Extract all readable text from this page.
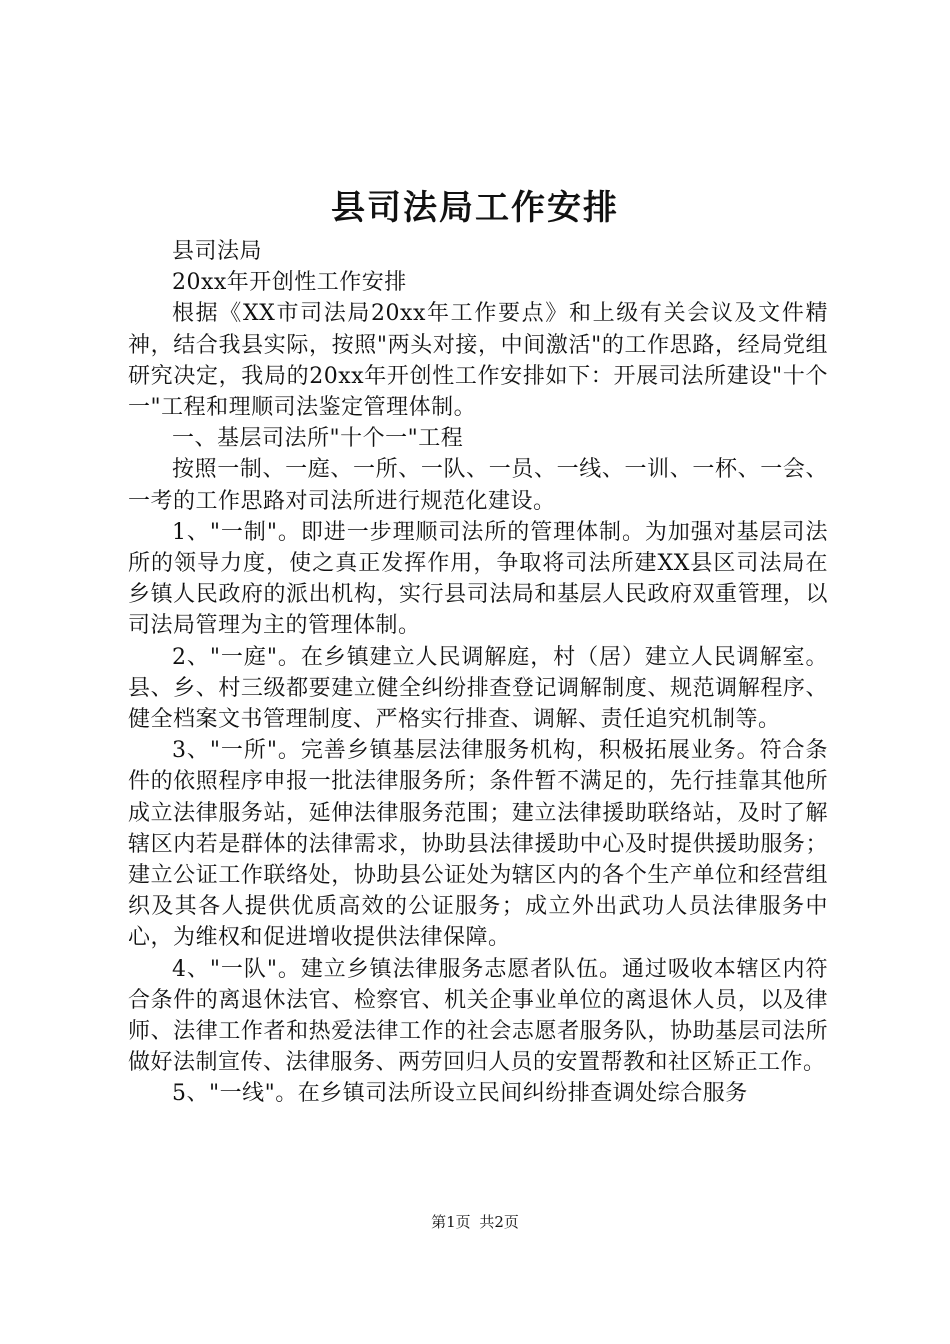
县司法局工作安排

县司法局

20xx年开创性工作安排

根据《XX市司法局20xx年工作要点》和上级有关会议及文件精神，结合我县实际，按照"两头对接，中间激活"的工作思路，经局党组研究决定，我局的20xx年开创性工作安排如下：开展司法所建设"十个一"工程和理顺司法鉴定管理体制。

一、基层司法所"十个一"工程

按照一制、一庭、一所、一队、一员、一线、一训、一杯、一会、一考的工作思路对司法所进行规范化建设。

1、"一制"。即进一步理顺司法所的管理体制。为加强对基层司法所的领导力度，使之真正发挥作用，争取将司法所建XX县区司法局在乡镇人民政府的派出机构，实行县司法局和基层人民政府双重管理，以司法局管理为主的管理体制。

2、"一庭"。在乡镇建立人民调解庭，村（居）建立人民调解室。县、乡、村三级都要建立健全纠纷排查登记调解制度、规范调解程序、健全档案文书管理制度、严格实行排查、调解、责任追究机制等。

3、"一所"。完善乡镇基层法律服务机构，积极拓展业务。符合条件的依照程序申报一批法律服务所；条件暂不满足的，先行挂靠其他所成立法律服务站，延伸法律服务范围；建立法律援助联络站，及时了解辖区内若是群体的法律需求，协助县法律援助中心及时提供援助服务；建立公证工作联络处，协助县公证处为辖区内的各个生产单位和经营组织及其各人提供优质高效的公证服务；成立外出武功人员法律服务中心，为维权和促进增收提供法律保障。

4、"一队"。建立乡镇法律服务志愿者队伍。通过吸收本辖区内符合条件的离退休法官、检察官、机关企事业单位的离退休人员，以及律师、法律工作者和热爱法律工作的社会志愿者服务队，协助基层司法所做好法制宣传、法律服务、两劳回归人员的安置帮教和社区矫正工作。

5、"一线"。在乡镇司法所设立民间纠纷排查调处综合服务

第1页 共2页
